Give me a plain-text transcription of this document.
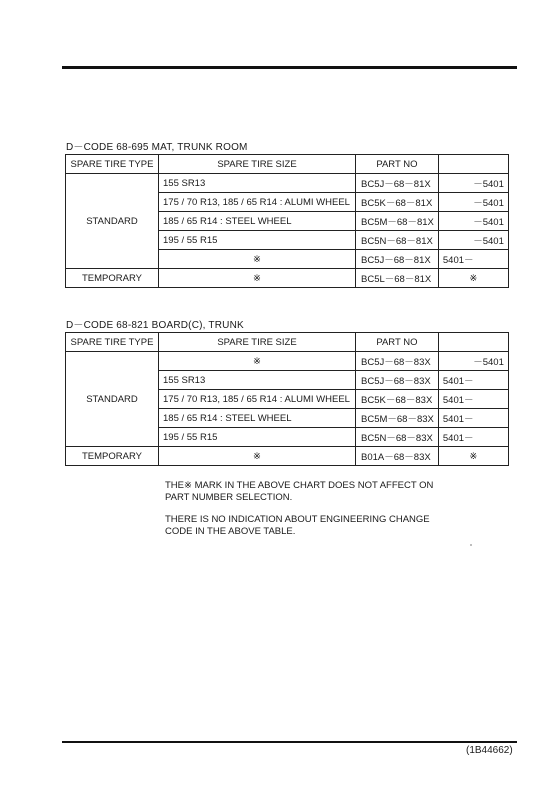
D－CODE 68-695 MAT, TRUNK ROOM
SPARE TIRE TYPE	SPARE TIRE SIZE	PART NO	
STANDARD	155 SR13	BC5J－68－81X	－5401
	175 / 70 R13, 185 / 65 R14 : ALUMI WHEEL	BC5K－68－81X	－5401
	185 / 65 R14 : STEEL WHEEL	BC5M－68－81X	－5401
	195 / 55 R15	BC5N－68－81X	－5401
	※	BC5J－68－81X	5401－
TEMPORARY	※	BC5L－68－81X	※
D－CODE 68-821 BOARD(C), TRUNK
SPARE TIRE TYPE	SPARE TIRE SIZE	PART NO	
STANDARD	※	BC5J－68－83X	－5401
	155 SR13	BC5J－68－83X	5401－
	175 / 70 R13, 185 / 65 R14 : ALUMI WHEEL	BC5K－68－83X	5401－
	185 / 65 R14 : STEEL WHEEL	BC5M－68－83X	5401－
	195 / 55 R15	BC5N－68－83X	5401－
TEMPORARY	※	B01A－68－83X	※
THE※ MARK IN THE ABOVE CHART DOES NOT AFFECT ON
PART NUMBER SELECTION.
THERE IS NO INDICATION ABOUT ENGINEERING CHANGE
CODE IN THE ABOVE TABLE.
(1B44662)
